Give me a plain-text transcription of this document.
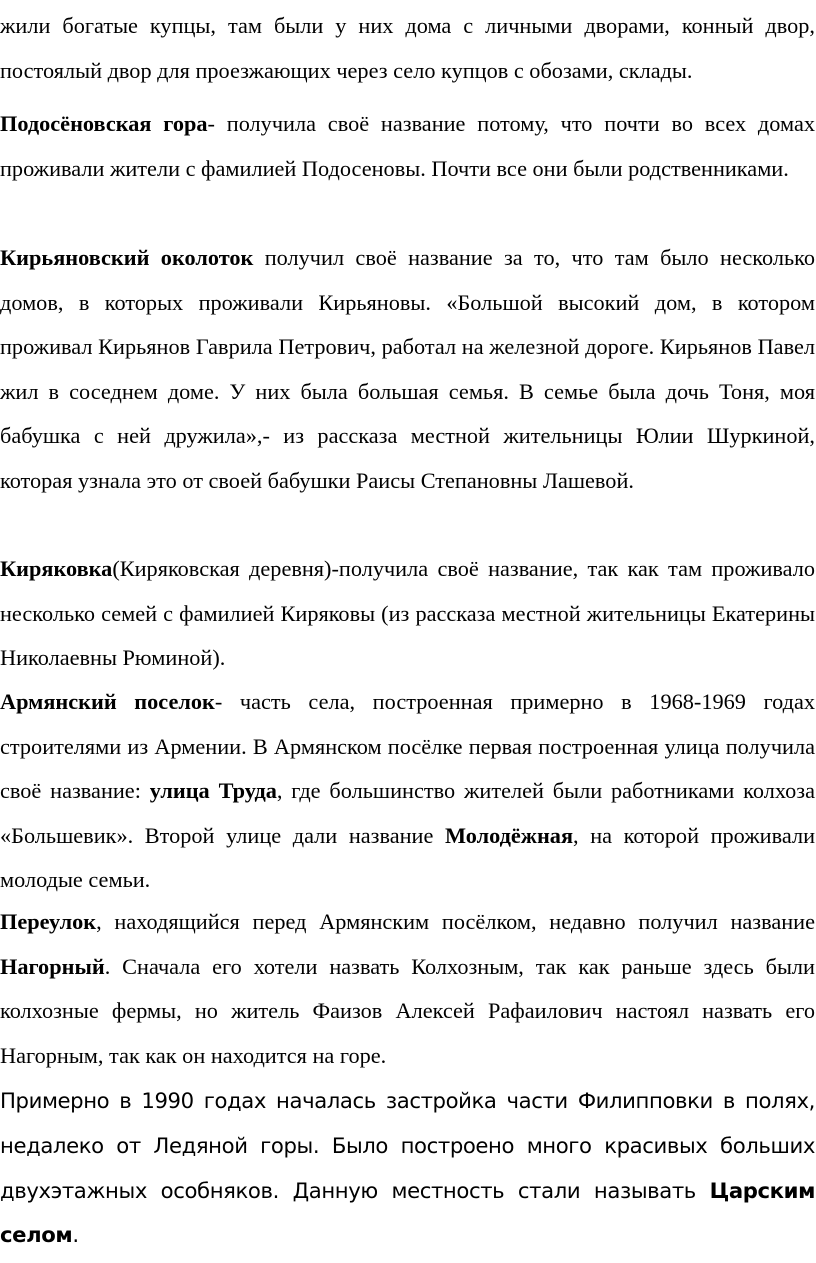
жили богатые купцы, там были у них дома с личными дворами, конный двор, постоялый двор для проезжающих через село купцов с обозами, склады.

Подосёновская гора- получила своё название потому, что почти во всех домах проживали жители с фамилией Подосеновы. Почти все они были родственниками.

Кирьяновский околоток получил своё название за то, что там было несколько домов, в которых проживали Кирьяновы. «Большой высокий дом, в котором проживал Кирьянов Гаврила Петрович, работал на железной дороге. Кирьянов Павел жил в соседнем доме. У них была большая семья. В семье была дочь Тоня, моя бабушка с ней дружила»,- из рассказа местной жительницы Юлии Шуркиной, которая узнала это от своей бабушки Раисы Степановны Лашевой.

Киряковка(Киряковская деревня)-получила своё название, так как там проживало несколько семей с фамилией Киряковы (из рассказа местной жительницы Екатерины Николаевны Рюминой).

Армянский поселок- часть села, построенная примерно в 1968-1969 годах строителями из Армении. В Армянском посёлке первая построенная улица получила своё название: улица Труда, где большинство жителей были работниками колхоза «Большевик». Второй улице дали название Молодёжная, на которой проживали молодые семьи.

Переулок, находящийся перед Армянским посёлком, недавно получил название Нагорный. Сначала его хотели назвать Колхозным, так как раньше здесь были колхозные фермы, но житель Фаизов Алексей Рафаилович настоял назвать его Нагорным, так как он находится на горе.

Примерно в 1990 годах началась застройка части Филипповки в полях, недалеко от Ледяной горы. Было построено много красивых больших двухэтажных особняков. Данную местность стали называть Царским селом.
